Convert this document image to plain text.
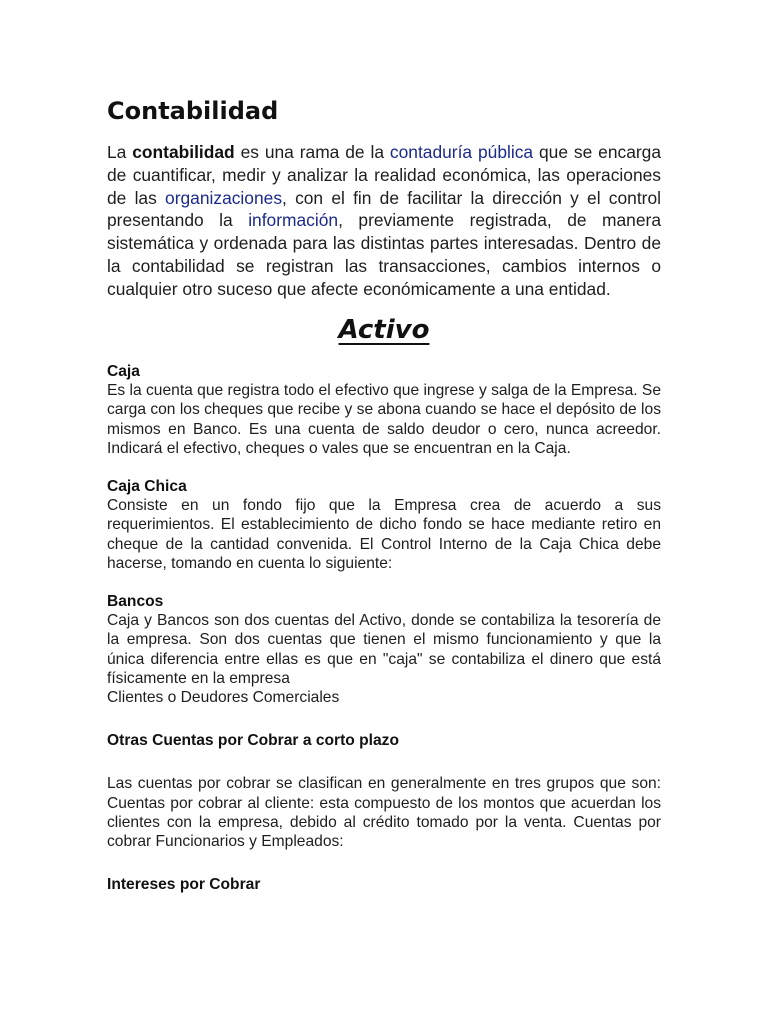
Contabilidad

La contabilidad es una rama de la contaduría pública que se encarga de cuantificar, medir y analizar la realidad económica, las operaciones de las organizaciones, con el fin de facilitar la dirección y el control presentando la información, previamente registrada, de manera sistemática y ordenada para las distintas partes interesadas. Dentro de la contabilidad se registran las transacciones, cambios internos o cualquier otro suceso que afecte económicamente a una entidad.

Activo

Caja

Es la cuenta que registra todo el efectivo que ingrese y salga de la Empresa. Se carga con los cheques que recibe y se abona cuando se hace el depósito de los mismos en Banco. Es una cuenta de saldo deudor o cero, nunca acreedor. Indicará el efectivo, cheques o vales que se encuentran en la Caja.

Caja Chica

Consiste en un fondo fijo que la Empresa crea de acuerdo a sus requerimientos. El establecimiento de dicho fondo se hace mediante retiro en cheque de la cantidad convenida. El Control Interno de la Caja Chica debe hacerse, tomando en cuenta lo siguiente:

Bancos

Caja y Bancos son dos cuentas del Activo, donde se contabiliza la tesorería de la empresa. Son dos cuentas que tienen el mismo funcionamiento y que la única diferencia entre ellas es que en "caja" se contabiliza el dinero que está físicamente en la empresa

Clientes o Deudores Comerciales

Otras Cuentas por Cobrar a corto plazo

Las cuentas por cobrar se clasifican en generalmente en tres grupos que son: Cuentas por cobrar al cliente: esta compuesto de los montos que acuerdan los clientes con la empresa, debido al crédito tomado por la venta. Cuentas por cobrar Funcionarios y Empleados:

Intereses por Cobrar
